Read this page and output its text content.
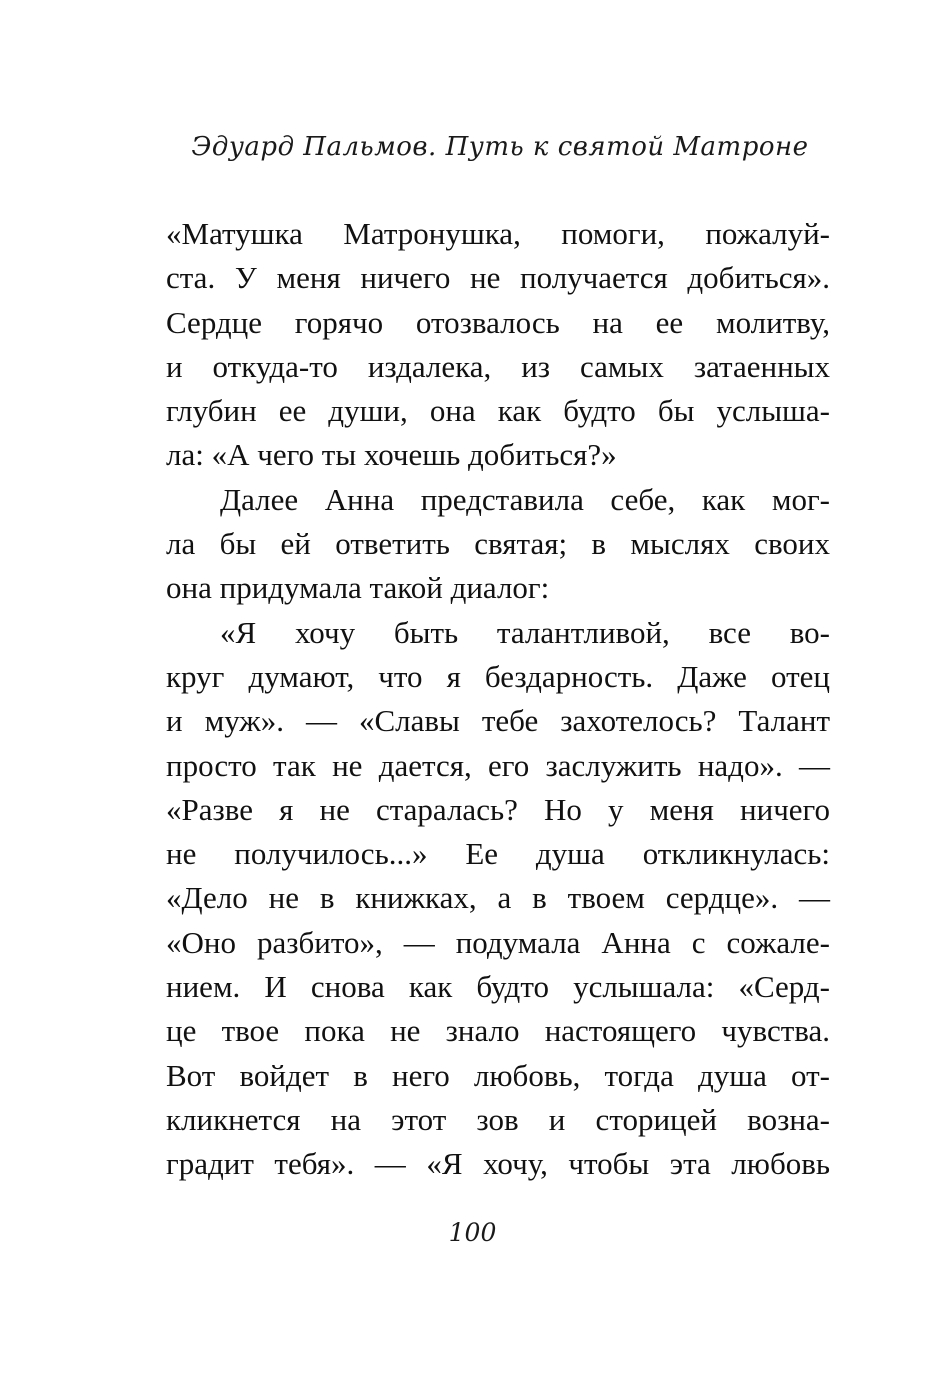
Эдуард Пальмов. Путь к святой Матроне
«Матушка Матронушка, помоги, пожалуй-
ста. У меня ничего не получается добиться».
Сердце горячо отозвалось на ее молитву,
и откуда-то издалека, из самых затаенных
глубин ее души, она как будто бы услыша-
ла: «А чего ты хочешь добиться?»
Далее Анна представила себе, как мог-
ла бы ей ответить святая; в мыслях своих
она придумала такой диалог:
«Я хочу быть талантливой, все во-
круг думают, что я бездарность. Даже отец
и муж». — «Славы тебе захотелось? Талант
просто так не дается, его заслужить надо». —
«Разве я не старалась? Но у меня ничего
не получилось...» Ее душа откликнулась:
«Дело не в книжках, а в твоем сердце». —
«Оно разбито», — подумала Анна с сожале-
нием. И снова как будто услышала: «Серд-
це твое пока не знало настоящего чувства.
Вот войдет в него любовь, тогда душа от-
кликнется на этот зов и сторицей возна-
градит тебя». — «Я хочу, чтобы эта любовь
100
